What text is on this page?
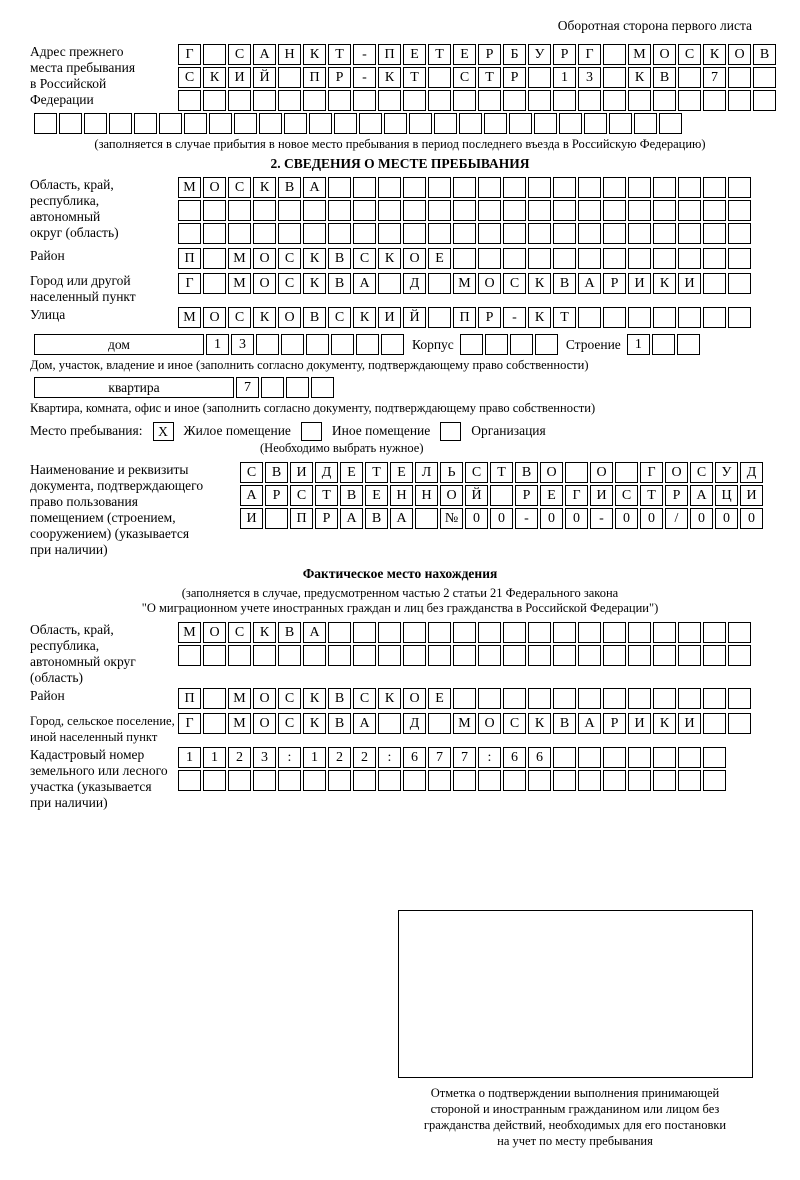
Оборотная сторона первого листа
Адрес прежнего
места пребывания
в Российской
Федерации
Г	С	А	Н	К	Т	-	П	Е	Т	Е	Р	Б	У	Р	Г	М О	С	К	О	В
С	К	И	Й	П	Р	-	К	Т	С	Т	Р	1	3	К	В	7
(заполняется в случае прибытия в новое место пребывания в период последнего въезда в Российскую Федерацию)
2. СВЕДЕНИЯ О МЕСТЕ ПРЕБЫВАНИЯ
Область, край,
республика,
автономный
округ (область)
М О	С	К	В	А
Район	П	М О	С	К	В	С	К	О	Е
Город или другой
населенный пункт
Г	М О	С	К	В	А	Д	М О	С	К	В	А	Р	И	К	И
Улица	М О	С	К	О	В	С	К	И	Й	П	Р	-	К	Т
дом	1	3	Корпус	Строение	1
Дом, участок, владение и иное (заполнить согласно документу, подтверждающему право собственности)
квартира	7
Квартира, комната, офис и иное (заполнить согласно документу, подтверждающему право собственности)
Место пребывания: X Жилое помещение	Иное помещение	Организация
(Необходимо выбрать нужное)
Наименование и реквизиты
документа, подтверждающего
право пользования
помещением (строением,
сооружением) (указывается
при наличии)
С	В	И	Д	Е	Т	Е	Л	Ь	С	Т	В	О	О	Г	О	С	У	Д
А	Р	С	Т	В	Е	Н	Н	О	Й	Р	Е	Г	И	С	Т	Р	А	Ц	И
И	П	Р	А	В	А	№	0	0	-	0	0	-	0	0	/	0	0	0
Фактическое место нахождения
(заполняется в случае, предусмотренном частью 2 статьи 21 Федерального закона
"О миграционном учете иностранных граждан и лиц без гражданства в Российской Федерации")
Область, край,
республика,
автономный округ
(область)
М О	С	К	В	А
Район	П	М О	С	К	В	С	К	О	Е
Город, сельское поселение,
иной населенный пункт
Г	М О	С	К	В	А	Д	М О	С	К	В	А	Р	И	К	И
Кадастровый номер
земельного или лесного
участка (указывается
при наличии)
1	1	2	3	:	1	2	2	:	6	7	7	:	6	6
Отметка о подтверждении выполнения принимающей
стороной и иностранным гражданином или лицом без
гражданства действий, необходимых для его постановки
на учет по месту пребывания
